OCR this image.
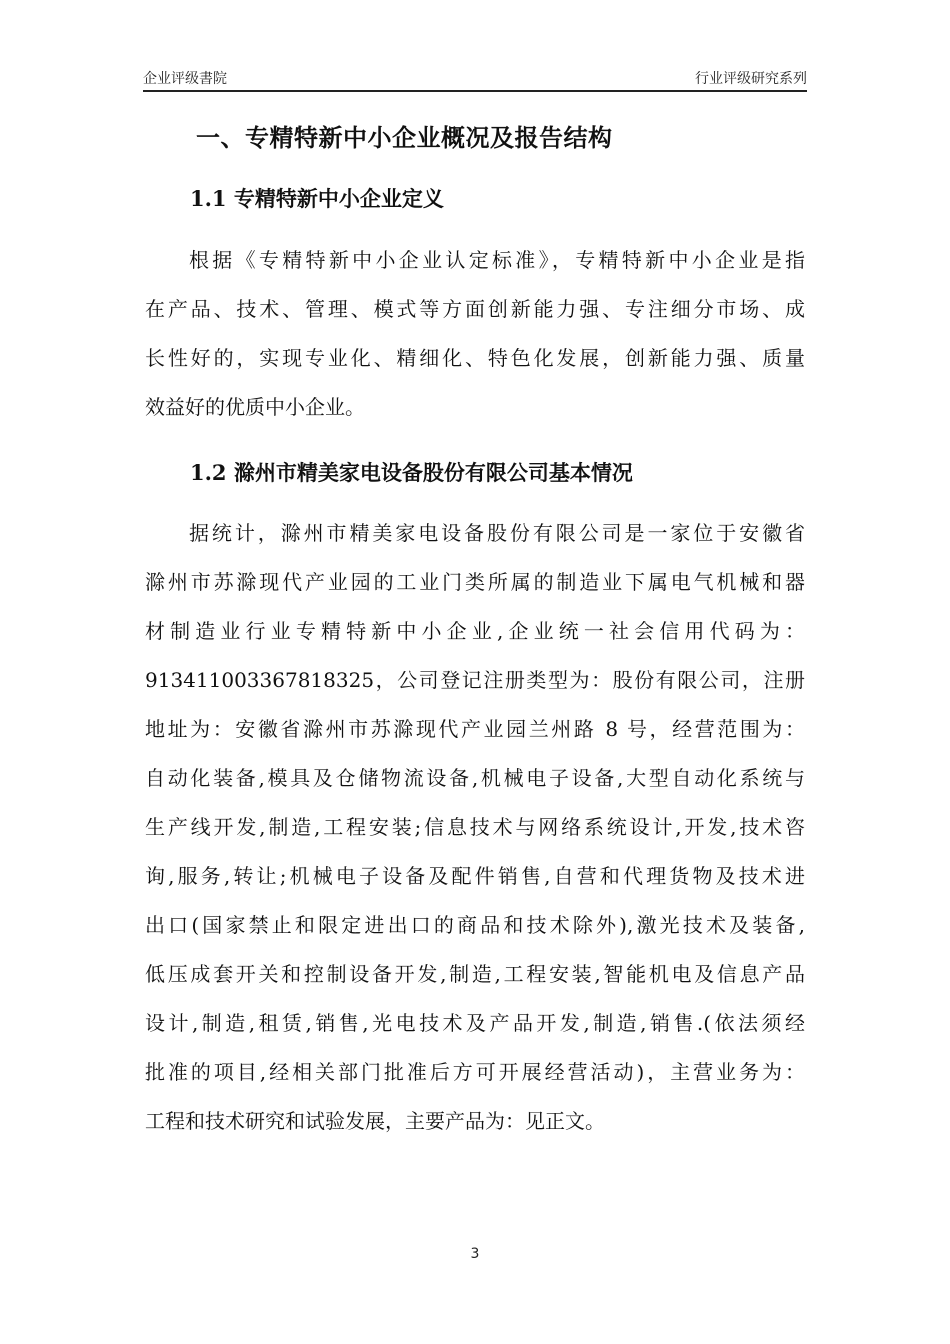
企业评级書院	行业评级研究系列
一、专精特新中小企业概况及报告结构
1.1 专精特新中小企业定义
根据《专精特新中小企业认定标准》，专精特新中小企业是指
在产品、技术、管理、模式等方面创新能力强、专注细分市场、成
长性好的，实现专业化、精细化、特色化发展，创新能力强、质量
效益好的优质中小企业。
1.2 滁州市精美家电设备股份有限公司基本情况
据统计，滁州市精美家电设备股份有限公司是一家位于安徽省
滁州市苏滁现代产业园的工业门类所属的制造业下属电气机械和器
材制造业行业专精特新中小企业,企业统一社会信用代码为：
913411003367818325，公司登记注册类型为：股份有限公司，注册
地址为：安徽省滁州市苏滁现代产业园兰州路 8 号，经营范围为：
自动化装备,模具及仓储物流设备,机械电子设备,大型自动化系统与
生产线开发,制造,工程安装;信息技术与网络系统设计,开发,技术咨
询,服务,转让;机械电子设备及配件销售,自营和代理货物及技术进
出口(国家禁止和限定进出口的商品和技术除外),激光技术及装备,
低压成套开关和控制设备开发,制造,工程安装,智能机电及信息产品
设计,制造,租赁,销售,光电技术及产品开发,制造,销售.(依法须经
批准的项目,经相关部门批准后方可开展经营活动)，主营业务为：
工程和技术研究和试验发展，主要产品为：见正文。
3
